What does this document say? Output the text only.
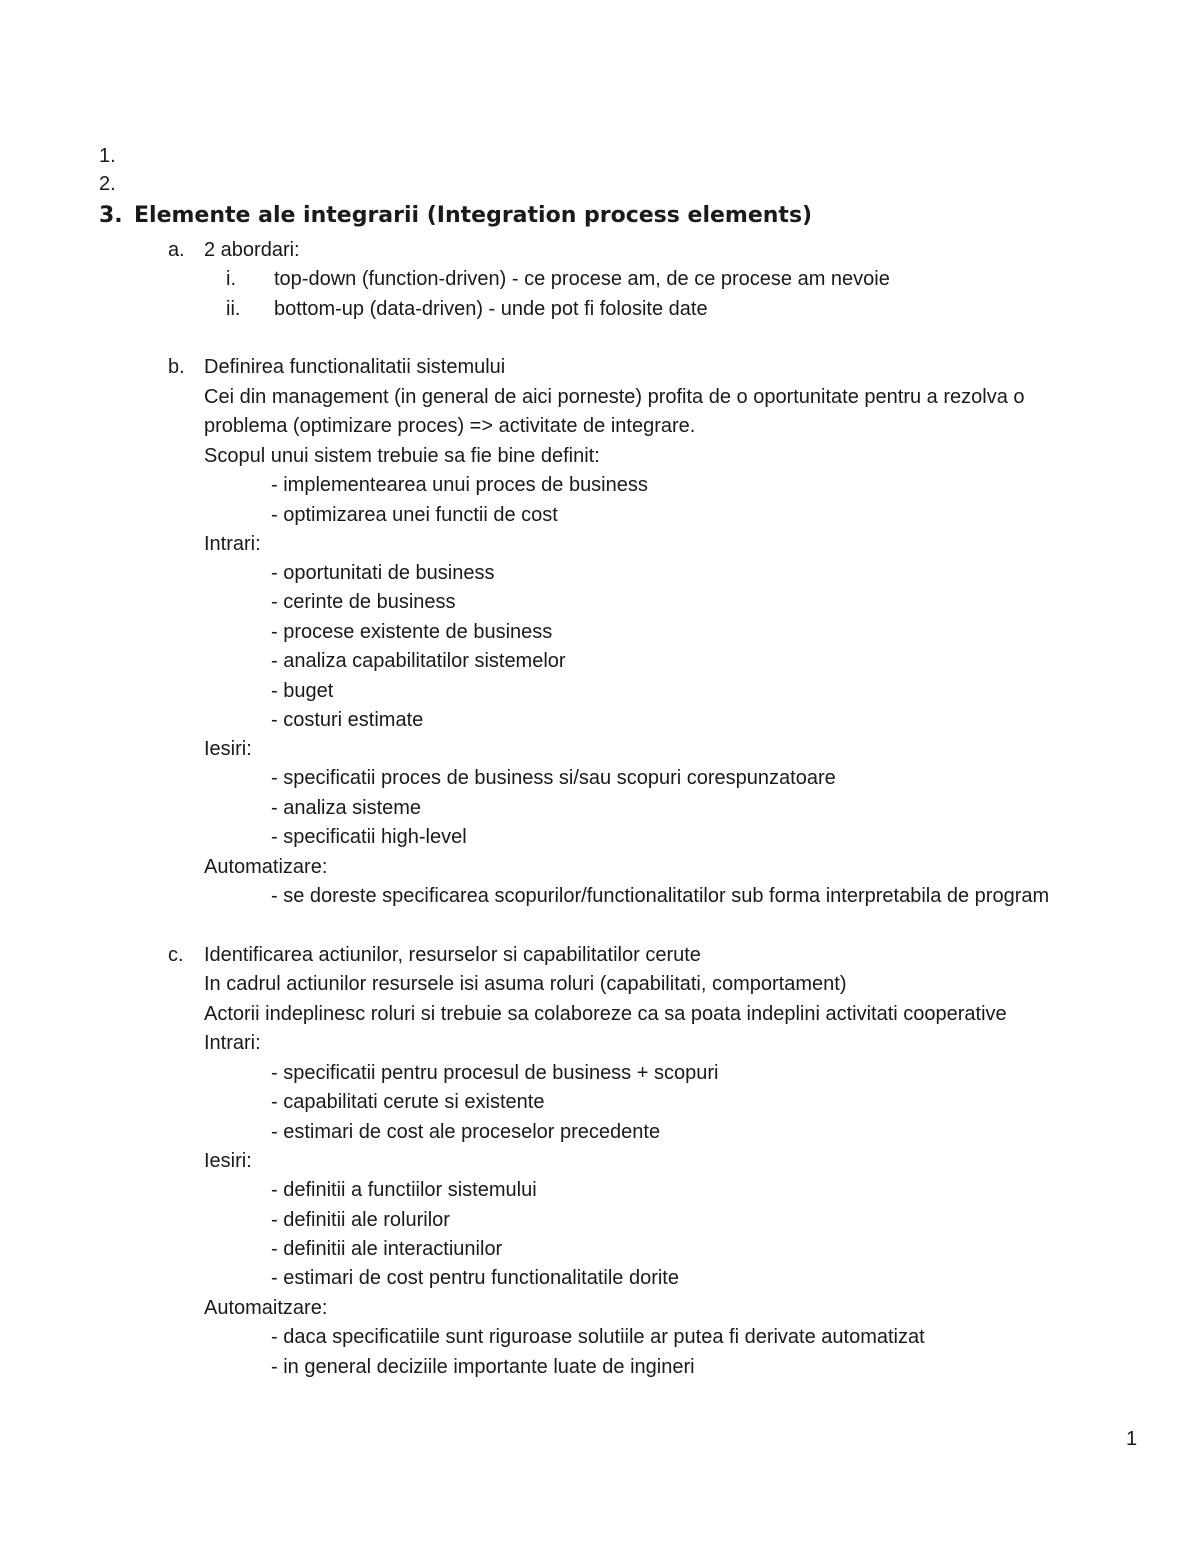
1.
2.
3. Elemente ale integrarii (Integration process elements)
a. 2 abordari:
i. top-down (function-driven) - ce procese am, de ce procese am nevoie
ii. bottom-up (data-driven) - unde pot fi folosite date
b. Definirea functionalitatii sistemului
Cei din management (in general de aici porneste) profita de o oportunitate pentru a rezolva o
problema (optimizare proces) => activitate de integrare.
Scopul unui sistem trebuie sa fie bine definit:
- implementearea unui proces de business
- optimizarea unei functii de cost
Intrari:
- oportunitati de business
- cerinte de business
- procese existente de business
- analiza capabilitatilor sistemelor
- buget
- costuri estimate
Iesiri:
- specificatii proces de business si/sau scopuri corespunzatoare
- analiza sisteme
- specificatii high-level
Automatizare:
- se doreste specificarea scopurilor/functionalitatilor sub forma interpretabila de program
c. Identificarea actiunilor, resurselor si capabilitatilor cerute
In cadrul actiunilor resursele isi asuma roluri (capabilitati, comportament)
Actorii indeplinesc roluri si trebuie sa colaboreze ca sa poata indeplini activitati cooperative
Intrari:
- specificatii pentru procesul de business + scopuri
- capabilitati cerute si existente
- estimari de cost ale proceselor precedente
Iesiri:
- definitii a functiilor sistemului
- definitii ale rolurilor
- definitii ale interactiunilor
- estimari de cost pentru functionalitatile dorite
Automaitzare:
- daca specificatiile sunt riguroase solutiile ar putea fi derivate automatizat
- in general deciziile importante luate de ingineri
1
